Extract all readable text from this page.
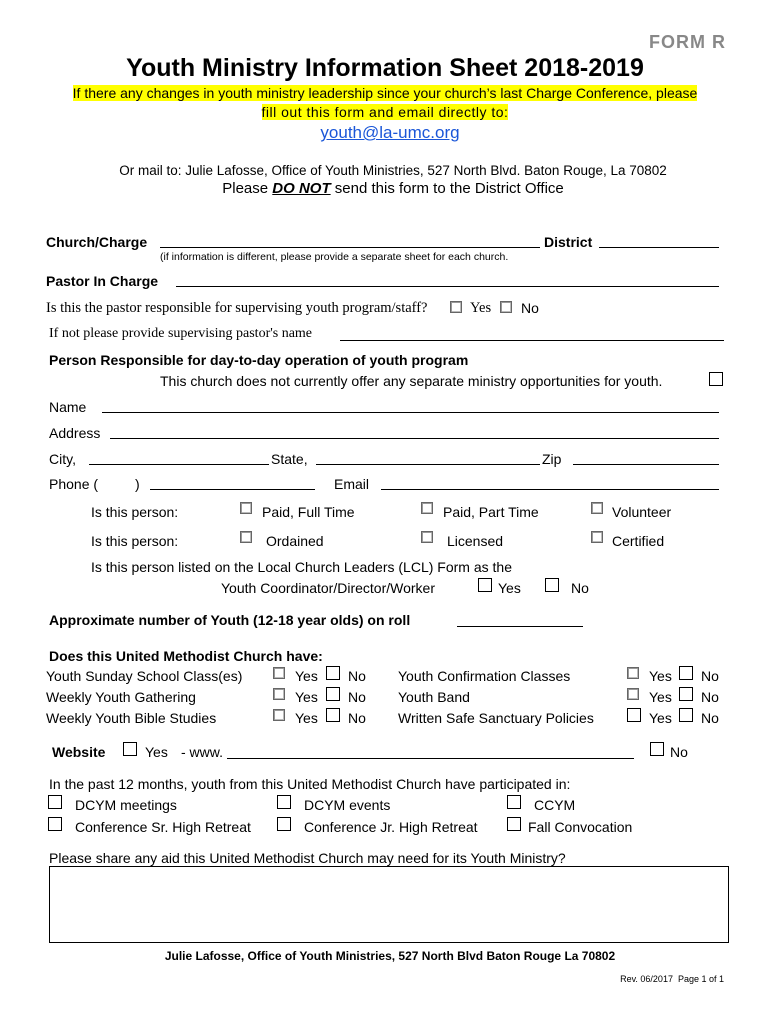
FORM R
Youth Ministry Information Sheet 2018-2019
If there any changes in youth ministry leadership since your church’s last Charge Conference, please
fill out this form and email directly to:
youth@la-umc.org
Or mail to: Julie Lafosse, Office of Youth Ministries, 527 North Blvd. Baton Rouge, La 70802
Please DO NOT send this form to the District Office
Church/Charge	District
(if information is different, please provide a separate sheet for each church.
Pastor In Charge
Is this the pastor responsible for supervising youth program/staff?	Yes No
If not please provide supervising pastor's name
Person Responsible for day-to-day operation of youth program
This church does not currently offer any separate ministry opportunities for youth.
Name
Address
City,	State,	Zip
Phone (	)	Email
Is this person:	Paid, Full Time	Paid, Part Time	Volunteer
Is this person:	Ordained	Licensed	Certified
Is this person listed on the Local Church Leaders (LCL) Form as the
Youth Coordinator/Director/Worker	Yes	No
Approximate number of Youth (12-18 year olds) on roll
Does this United Methodist Church have:
Youth Sunday School Class(es)	Yes No
Weekly Youth Gathering	Yes No
Weekly Youth Bible Studies	Yes No
Youth Confirmation Classes	Yes No
Youth Band	Yes No
Written Safe Sanctuary Policies	Yes No
Website	Yes - www.	No
In the past 12 months, youth from this United Methodist Church have participated in:
DCYM meetings	DCYM events	CCYM
Conference Sr. High Retreat	Conference Jr. High Retreat	Fall Convocation
Please share any aid this United Methodist Church may need for its Youth Ministry?
Julie Lafosse, Office of Youth Ministries, 527 North Blvd Baton Rouge La 70802
Rev. 06/2017  Page 1 of 1
